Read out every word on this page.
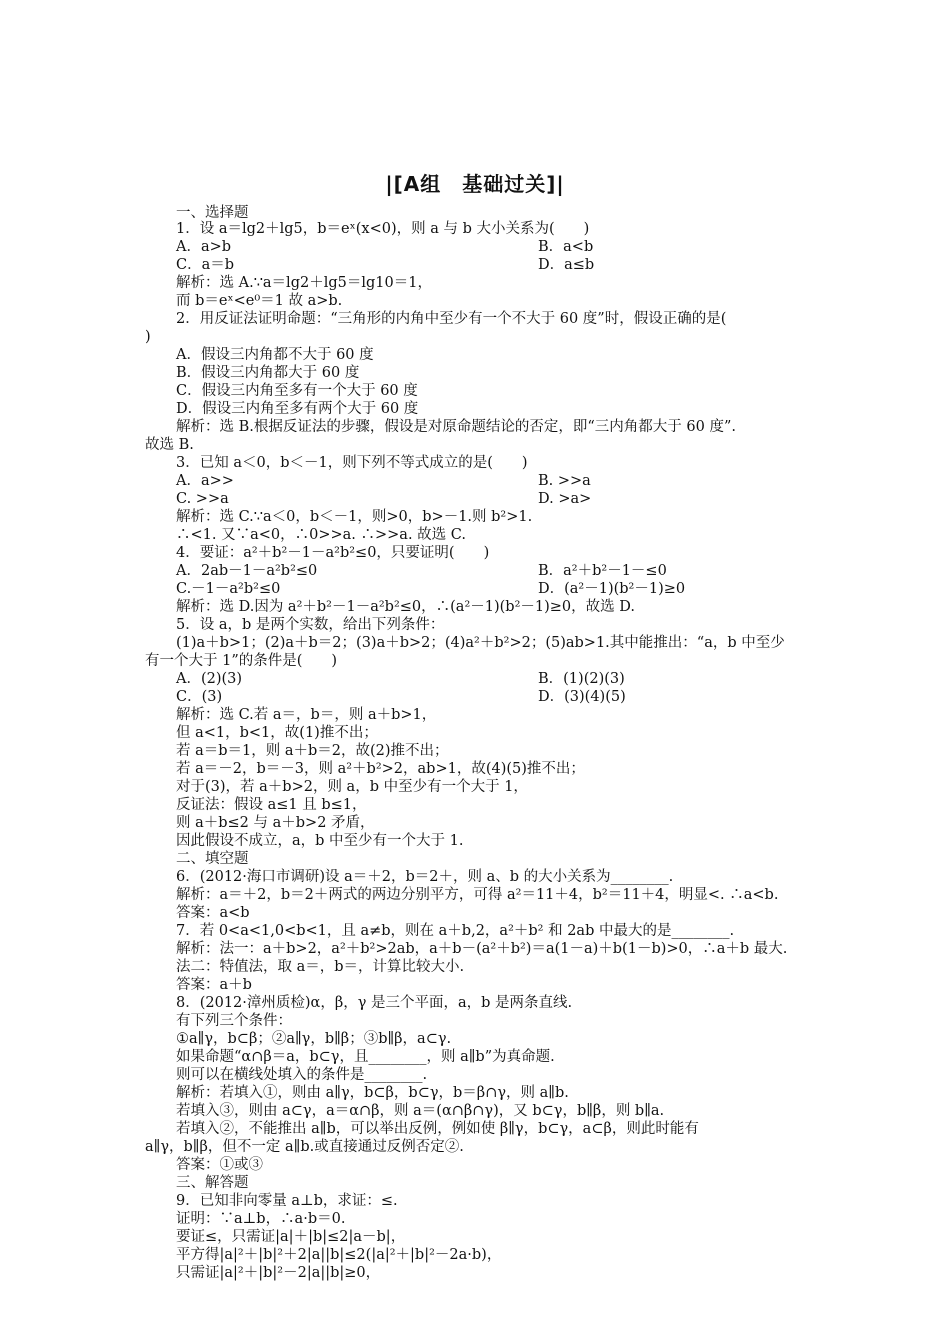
|[A组　基础过关]|
一、选择题
1．设 a＝lg2＋lg5，b＝eˣ(x<0)，则 a 与 b 大小关系为(　　)
A．a>b	B．a<b
C．a＝b	D．a≤b
解析：选 A.∵a＝lg2＋lg5＝lg10＝1，
而 b＝eˣ<e⁰＝1 故 a>b.
2．用反证法证明命题：“三角形的内角中至少有一个不大于 60 度”时，假设正确的是(
)
A．假设三内角都不大于 60 度
B．假设三内角都大于 60 度
C．假设三内角至多有一个大于 60 度
D．假设三内角至多有两个大于 60 度
解析：选 B.根据反证法的步骤，假设是对原命题结论的否定，即“三内角都大于 60 度”.
故选 B.
3．已知 a＜0，b＜－1，则下列不等式成立的是(　　)
A．a>>	B. >>a
C. >>a	D. >a>
解析：选 C.∵a＜0，b＜－1，则>0，b>－1.则 b²>1.
∴<1. 又∵a<0，∴0>>a. ∴>>a. 故选 C.
4．要证：a²＋b²－1－a²b²≤0，只要证明(　　)
A．2ab－1－a²b²≤0	B．a²＋b²－1－≤0
C.－1－a²b²≤0	D．(a²－1)(b²－1)≥0
解析：选 D.因为 a²＋b²－1－a²b²≤0，∴(a²－1)(b²－1)≥0，故选 D.
5．设 a，b 是两个实数，给出下列条件：
(1)a＋b>1；(2)a＋b＝2；(3)a＋b>2；(4)a²＋b²>2；(5)ab>1.其中能推出：“a，b 中至少
有一个大于 1”的条件是(　　)
A．(2)(3)	B．(1)(2)(3)
C．(3)	D．(3)(4)(5)
解析：选 C.若 a＝，b＝，则 a＋b>1，
但 a<1，b<1，故(1)推不出；
若 a＝b＝1，则 a＋b＝2，故(2)推不出；
若 a＝－2，b＝－3，则 a²＋b²>2，ab>1，故(4)(5)推不出；
对于(3)，若 a＋b>2，则 a，b 中至少有一个大于 1，
反证法：假设 a≤1 且 b≤1，
则 a＋b≤2 与 a＋b>2 矛盾，
因此假设不成立，a，b 中至少有一个大于 1.
二、填空题
6．(2012·海口市调研)设 a＝＋2，b＝2＋，则 a、b 的大小关系为________.
解析：a＝＋2，b＝2＋两式的两边分别平方，可得 a²＝11＋4，b²＝11＋4，明显<. ∴a<b.
答案：a<b
7．若 0<a<1,0<b<1，且 a≠b，则在 a＋b,2，a²＋b² 和 2ab 中最大的是________.
解析：法一：a＋b>2，a²＋b²>2ab，a＋b－(a²＋b²)＝a(1－a)＋b(1－b)>0，∴a＋b 最大.
法二：特值法，取 a＝，b＝，计算比较大小.
答案：a＋b
8．(2012·漳州质检)α，β，γ 是三个平面，a，b 是两条直线.
有下列三个条件：
①a∥γ，b⊂β；②a∥γ，b∥β；③b∥β，a⊂γ.
如果命题“α∩β＝a，b⊂γ，且________，则 a∥b”为真命题.
则可以在横线处填入的条件是________.
解析：若填入①，则由 a∥γ，b⊂β，b⊂γ，b＝β∩γ，则 a∥b.
若填入③，则由 a⊂γ，a＝α∩β，则 a＝(α∩β∩γ)，又 b⊂γ，b∥β，则 b∥a.
若填入②，不能推出 a∥b，可以举出反例，例如使 β∥γ，b⊂γ，a⊂β，则此时能有
a∥γ，b∥β，但不一定 a∥b.或直接通过反例否定②.
答案：①或③
三、解答题
9．已知非向零量 a⊥b，求证：≤.
证明：∵a⊥b，∴a·b＝0.
要证≤，只需证|a|＋|b|≤2|a－b|，
平方得|a|²＋|b|²＋2|a||b|≤2(|a|²＋|b|²－2a·b)，
只需证|a|²＋|b|²－2|a||b|≥0，
